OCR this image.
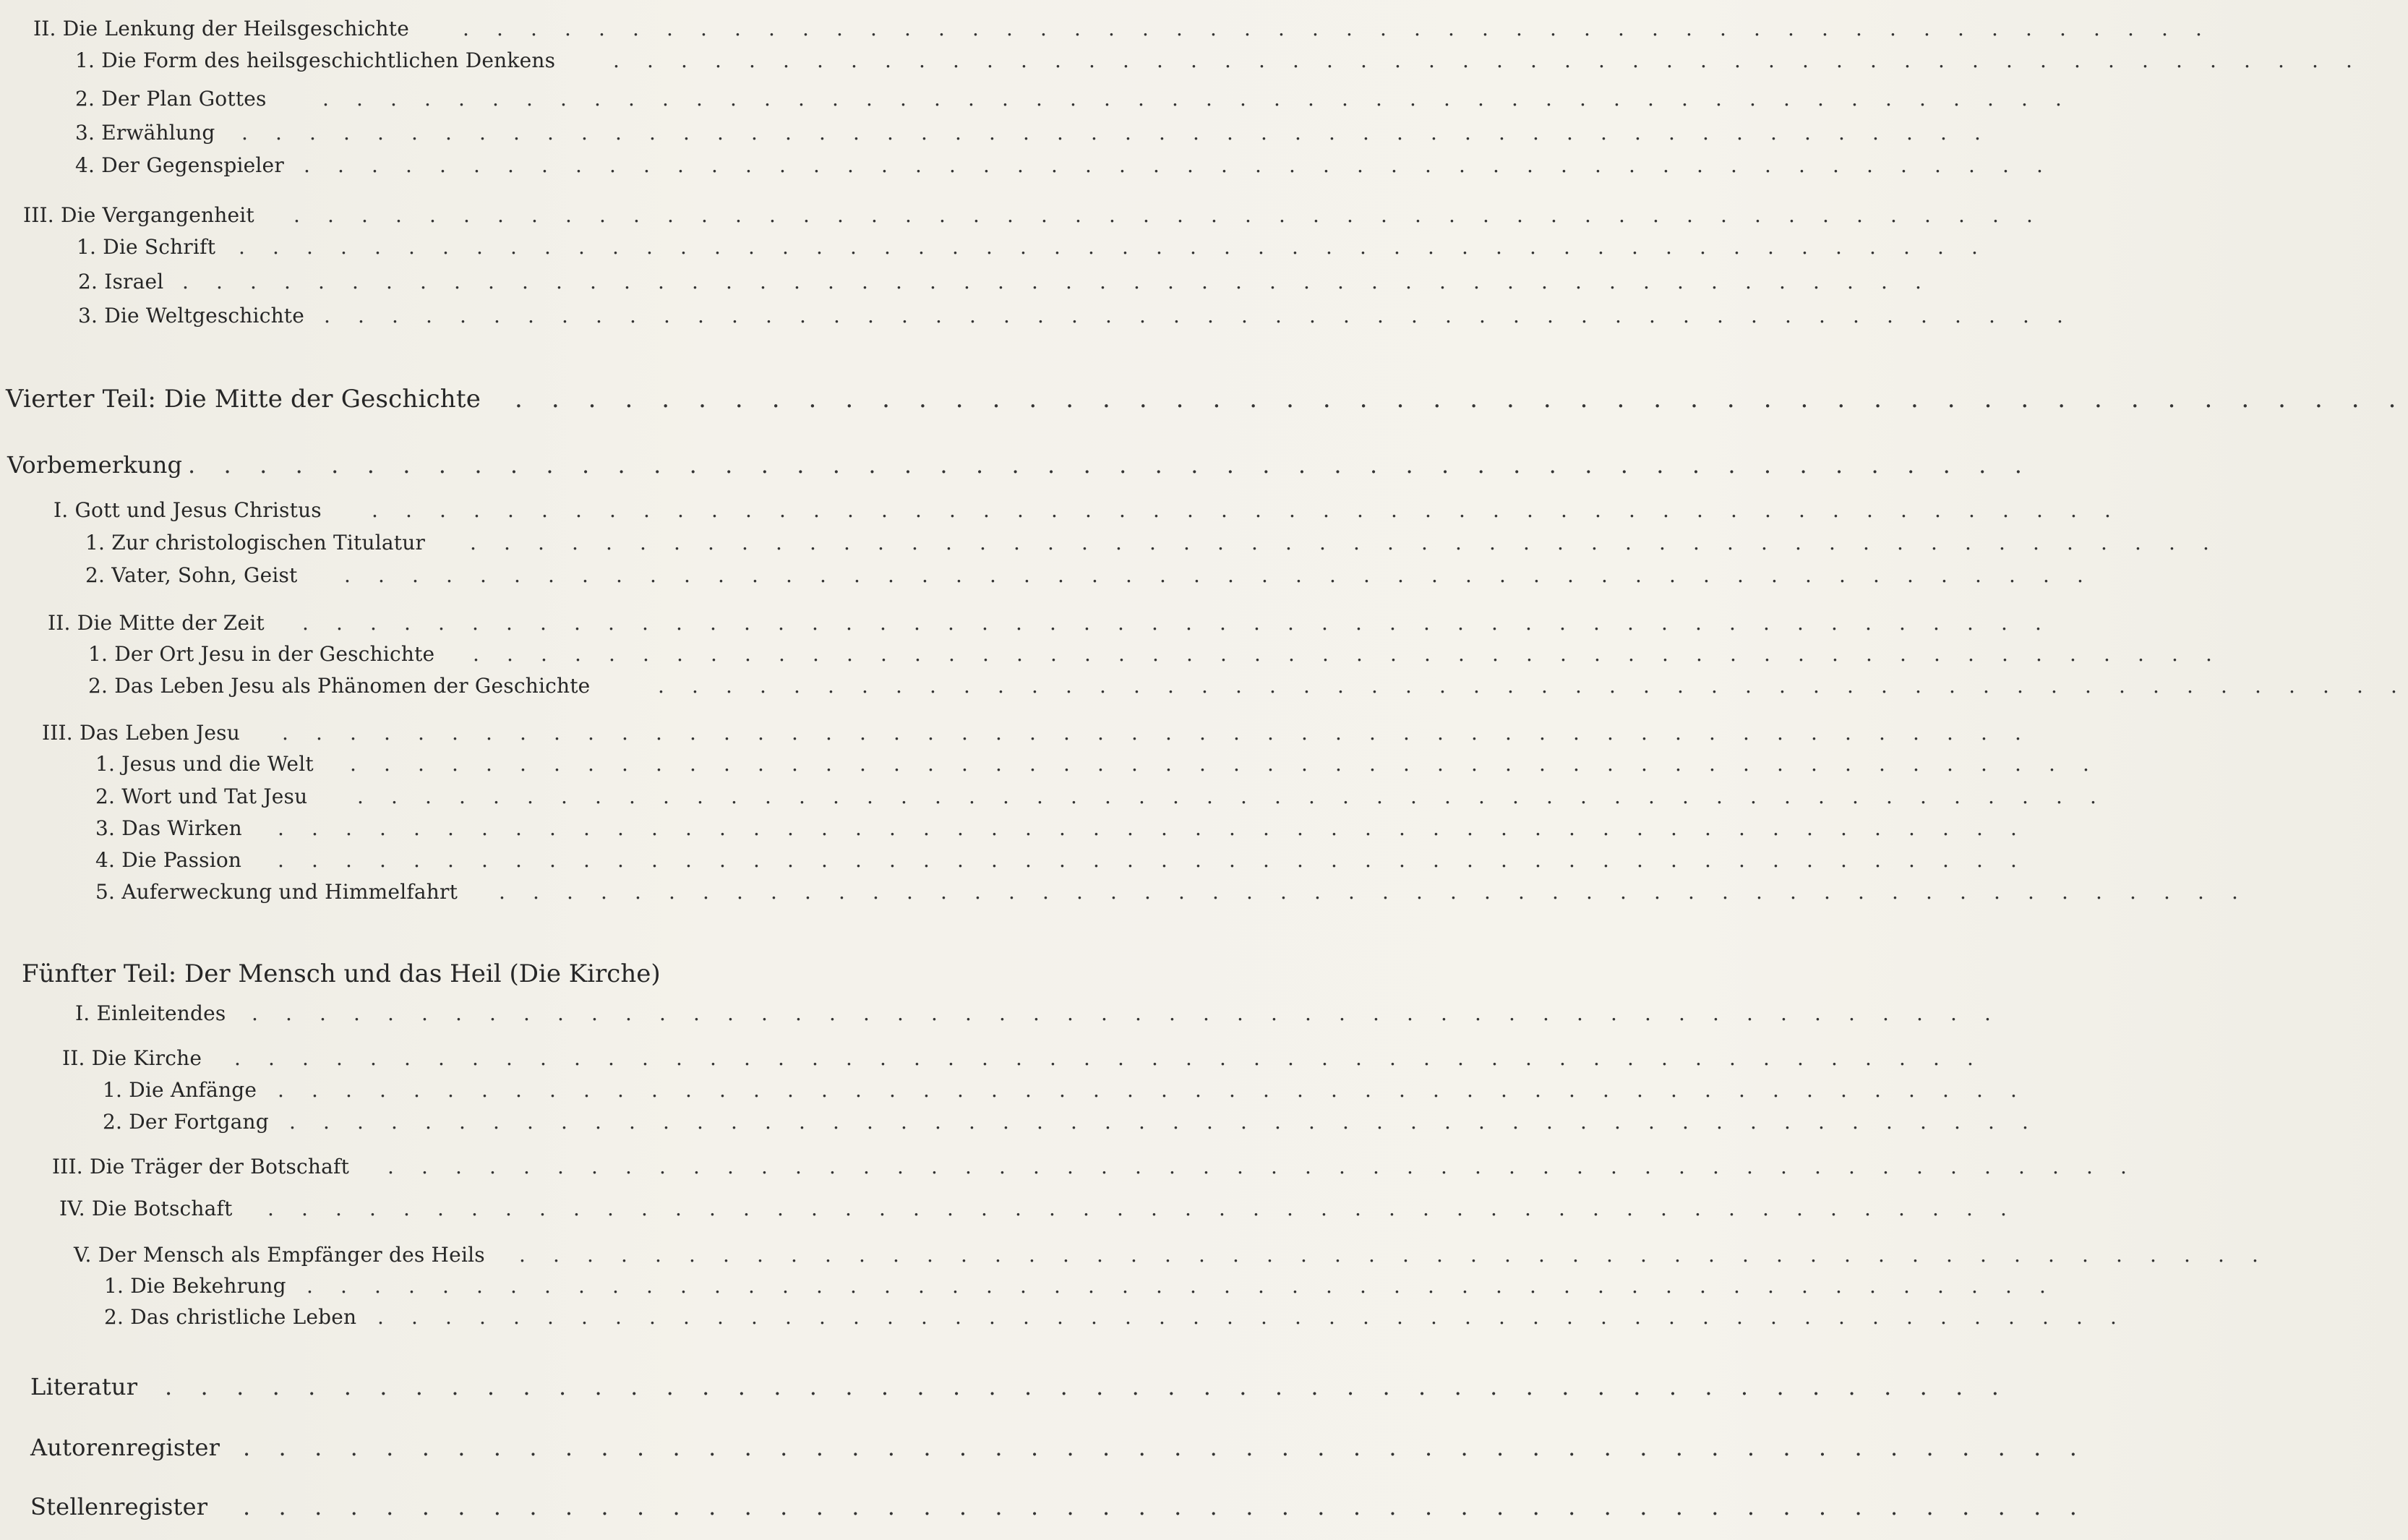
II. Die Lenkung der Heilsgeschichte	. . . . . . . . . . . . . . . . . . . . . . . . . . . . . . . . . . . . . . . . . . . . . . . . . . . .
1. Die Form des heilsgeschichtlichen Denkens	. . . . . . . . . . . . . . . . . . . . . . . . . . . . . . . . . . . . . . . . . . . . . . . . . . . .
2. Der Plan Gottes	. . . . . . . . . . . . . . . . . . . . . . . . . . . . . . . . . . . . . . . . . . . . . . . . . . . .
3. Erwählung . . . . . . . . . . . . . . . . . . . . . . . . . . . . . . . . . . . . . . . . . . . . . . . . . . . .
4. Der Gegenspieler . . . . . . . . . . . . . . . . . . . . . . . . . . . . . . . . . . . . . . . . . . . . . . . . . . . .
III. Die Vergangenheit . . . . . . . . . . . . . . . . . . . . . . . . . . . . . . . . . . . . . . . . . . . . . . . . . . . .
1. Die Schrift . . . . . . . . . . . . . . . . . . . . . . . . . . . . . . . . . . . . . . . . . . . . . . . . . . . .
2. Israel . . . . . . . . . . . . . . . . . . . . . . . . . . . . . . . . . . . . . . . . . . . . . . . . . . . .
3. Die Weltgeschichte . . . . . . . . . . . . . . . . . . . . . . . . . . . . . . . . . . . . . . . . . . . . . . . . . . . .
Vierter Teil: Die Mitte der Geschichte . . . . . . . . . . . . . . . . . . . . . . . . . . . . . . . . . . . . . . . . . . . . . . . . . . . .
Vorbemerkung . . . . . . . . . . . . . . . . . . . . . . . . . . . . . . . . . . . . . . . . . . . . . . . . . . . .
I. Gott und Jesus Christus . . . . . . . . . . . . . . . . . . . . . . . . . . . . . . . . . . . . . . . . . . . . . . . . . . . .
1. Zur christologischen Titulatur . . . . . . . . . . . . . . . . . . . . . . . . . . . . . . . . . . . . . . . . . . . . . . . . . . . .
2. Vater, Sohn, Geist . . . . . . . . . . . . . . . . . . . . . . . . . . . . . . . . . . . . . . . . . . . . . . . . . . . .
II. Die Mitte der Zeit . . . . . . . . . . . . . . . . . . . . . . . . . . . . . . . . . . . . . . . . . . . . . . . . . . . .
1. Der Ort Jesu in der Geschichte . . . . . . . . . . . . . . . . . . . . . . . . . . . . . . . . . . . . . . . . . . . . . . . . . . . .
2. Das Leben Jesu als Phänomen der Geschichte	. . . . . . . . . . . . . . . . . . . . . . . . . . . . . . . . . . . . . . . . . . . . . . . . . . . .
III. Das Leben Jesu . . . . . . . . . . . . . . . . . . . . . . . . . . . . . . . . . . . . . . . . . . . . . . . . . . . .
1. Jesus und die Welt . . . . . . . . . . . . . . . . . . . . . . . . . . . . . . . . . . . . . . . . . . . . . . . . . . . .
2. Wort und Tat Jesu . . . . . . . . . . . . . . . . . . . . . . . . . . . . . . . . . . . . . . . . . . . . . . . . . . . .
3. Das Wirken . . . . . . . . . . . . . . . . . . . . . . . . . . . . . . . . . . . . . . . . . . . . . . . . . . . .
4. Die Passion . . . . . . . . . . . . . . . . . . . . . . . . . . . . . . . . . . . . . . . . . . . . . . . . . . . .
5. Auferweckung und Himmelfahrt . . . . . . . . . . . . . . . . . . . . . . . . . . . . . . . . . . . . . . . . . . . . . . . . . . . .
Fünfter Teil: Der Mensch und das Heil (Die Kirche)
I. Einleitendes . . . . . . . . . . . . . . . . . . . . . . . . . . . . . . . . . . . . . . . . . . . . . . . . . . . .
II. Die Kirche . . . . . . . . . . . . . . . . . . . . . . . . . . . . . . . . . . . . . . . . . . . . . . . . . . . .
1. Die Anfänge . . . . . . . . . . . . . . . . . . . . . . . . . . . . . . . . . . . . . . . . . . . . . . . . . . . .
2. Der Fortgang . . . . . . . . . . . . . . . . . . . . . . . . . . . . . . . . . . . . . . . . . . . . . . . . . . . .
III. Die Träger der Botschaft . . . . . . . . . . . . . . . . . . . . . . . . . . . . . . . . . . . . . . . . . . . . . . . . . . . .
IV. Die Botschaft . . . . . . . . . . . . . . . . . . . . . . . . . . . . . . . . . . . . . . . . . . . . . . . . . . . .
V. Der Mensch als Empfänger des Heils . . . . . . . . . . . . . . . . . . . . . . . . . . . . . . . . . . . . . . . . . . . . . . . . . . . .
1. Die Bekehrung . . . . . . . . . . . . . . . . . . . . . . . . . . . . . . . . . . . . . . . . . . . . . . . . . . . .
2. Das christliche Leben . . . . . . . . . . . . . . . . . . . . . . . . . . . . . . . . . . . . . . . . . . . . . . . . . . . .
Literatur . . . . . . . . . . . . . . . . . . . . . . . . . . . . . . . . . . . . . . . . . . . . . . . . . . . .
Autorenregister . . . . . . . . . . . . . . . . . . . . . . . . . . . . . . . . . . . . . . . . . . . . . . . . . . . .
Stellenregister . . . . . . . . . . . . . . . . . . . . . . . . . . . . . . . . . . . . . . . . . . . . . . . . . . . .
